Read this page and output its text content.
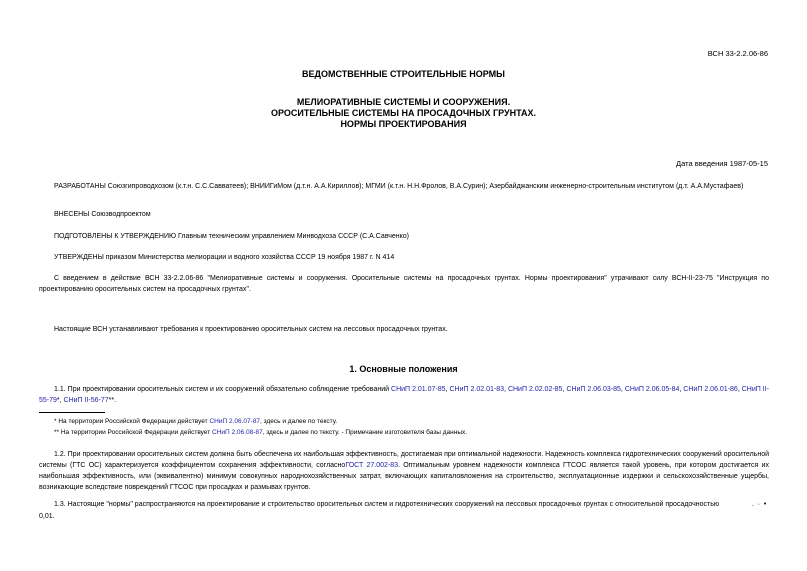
ВСН 33-2.2.06-86
ВЕДОМСТВЕННЫЕ СТРОИТЕЛЬНЫЕ НОРМЫ
МЕЛИОРАТИВНЫЕ СИСТЕМЫ И СООРУЖЕНИЯ.
ОРОСИТЕЛЬНЫЕ СИСТЕМЫ НА ПРОСАДОЧНЫХ ГРУНТАХ.
НОРМЫ ПРОЕКТИРОВАНИЯ
Дата введения 1987-05-15
РАЗРАБОТАНЫ Союзгипроводхозом (к.т.н. С.С.Савватеев); ВНИИГиМом (д.т.н. А.А.Кириллов); МГМИ (к.т.н. Н.Н.Фролов, В.А.Сурин); Азербайджанским инженерно-строительным институтом (д.т. А.А.Мустафаев)
ВНЕСЕНЫ Союзводпроектом
ПОДГОТОВЛЕНЫ К УТВЕРЖДЕНИЮ Главным техническим управлением Минводхоза СССР (С.А.Савченко)
УТВЕРЖДЕНЫ приказом Министерства мелиорации и водного хозяйства СССР 19 ноября 1987 г. N 414
С введением в действие ВСН 33-2.2.06-86 "Мелиоративные системы и сооружения. Оросительные системы на просадочных грунтах. Нормы проектирования" утрачивают силу ВСН-II-23-75 "Инструкция по проектированию оросительных систем на просадочных грунтах".
Настоящие ВСН устанавливают требования к проектированию оросительных систем на лессовых просадочных грунтах.
1. Основные положения
1.1. При проектировании оросительных систем и их сооружений обязательно соблюдение требований СНиП 2.01.07-85, СНиП 2.02.01-83, СНиП 2.02.02-85, СНиП 2.06.03-85, СНиП 2.06.05-84, СНиП 2.06.01-86, СНиП II-55-79*, СНиП II-56-77**.
* На территории Российской Федерации действует СНиП 2.06.07-87, здесь и далее по тексту.
** На территории Российской Федерации действует СНиП 2.06.08-87, здесь и далее по тексту. - Примечание изготовителя базы данных.
1.2. При проектировании оросительных систем должна быть обеспечена их наибольшая эффективность, достигаемая при оптимальной надежности. Надежность комплекса гидротехнических сооружений оросительной системы (ГТС ОС) характеризуется коэффициентом сохранения эффективности, согласноГОСТ 27.002-83. Оптимальным уровнем надежности комплекса ГТСОС является такой уровень, при котором достигается их наибольшая эффективность, или (эквивалентно) минимум совокупных народнохозяйственных затрат, включающих капиталовложения на строительство, эксплуатационные издержки и сельскохозяйственные ущербы, возникающие вследствие повреждений ГТСОС при просадках и размывах грунтов.
1.3. Настоящие "нормы" распространяются на проектирование и строительство оросительных систем и гидротехнических сооружений на лессовых просадочных грунтах с относительной просадочностью	. · •
0,01.
